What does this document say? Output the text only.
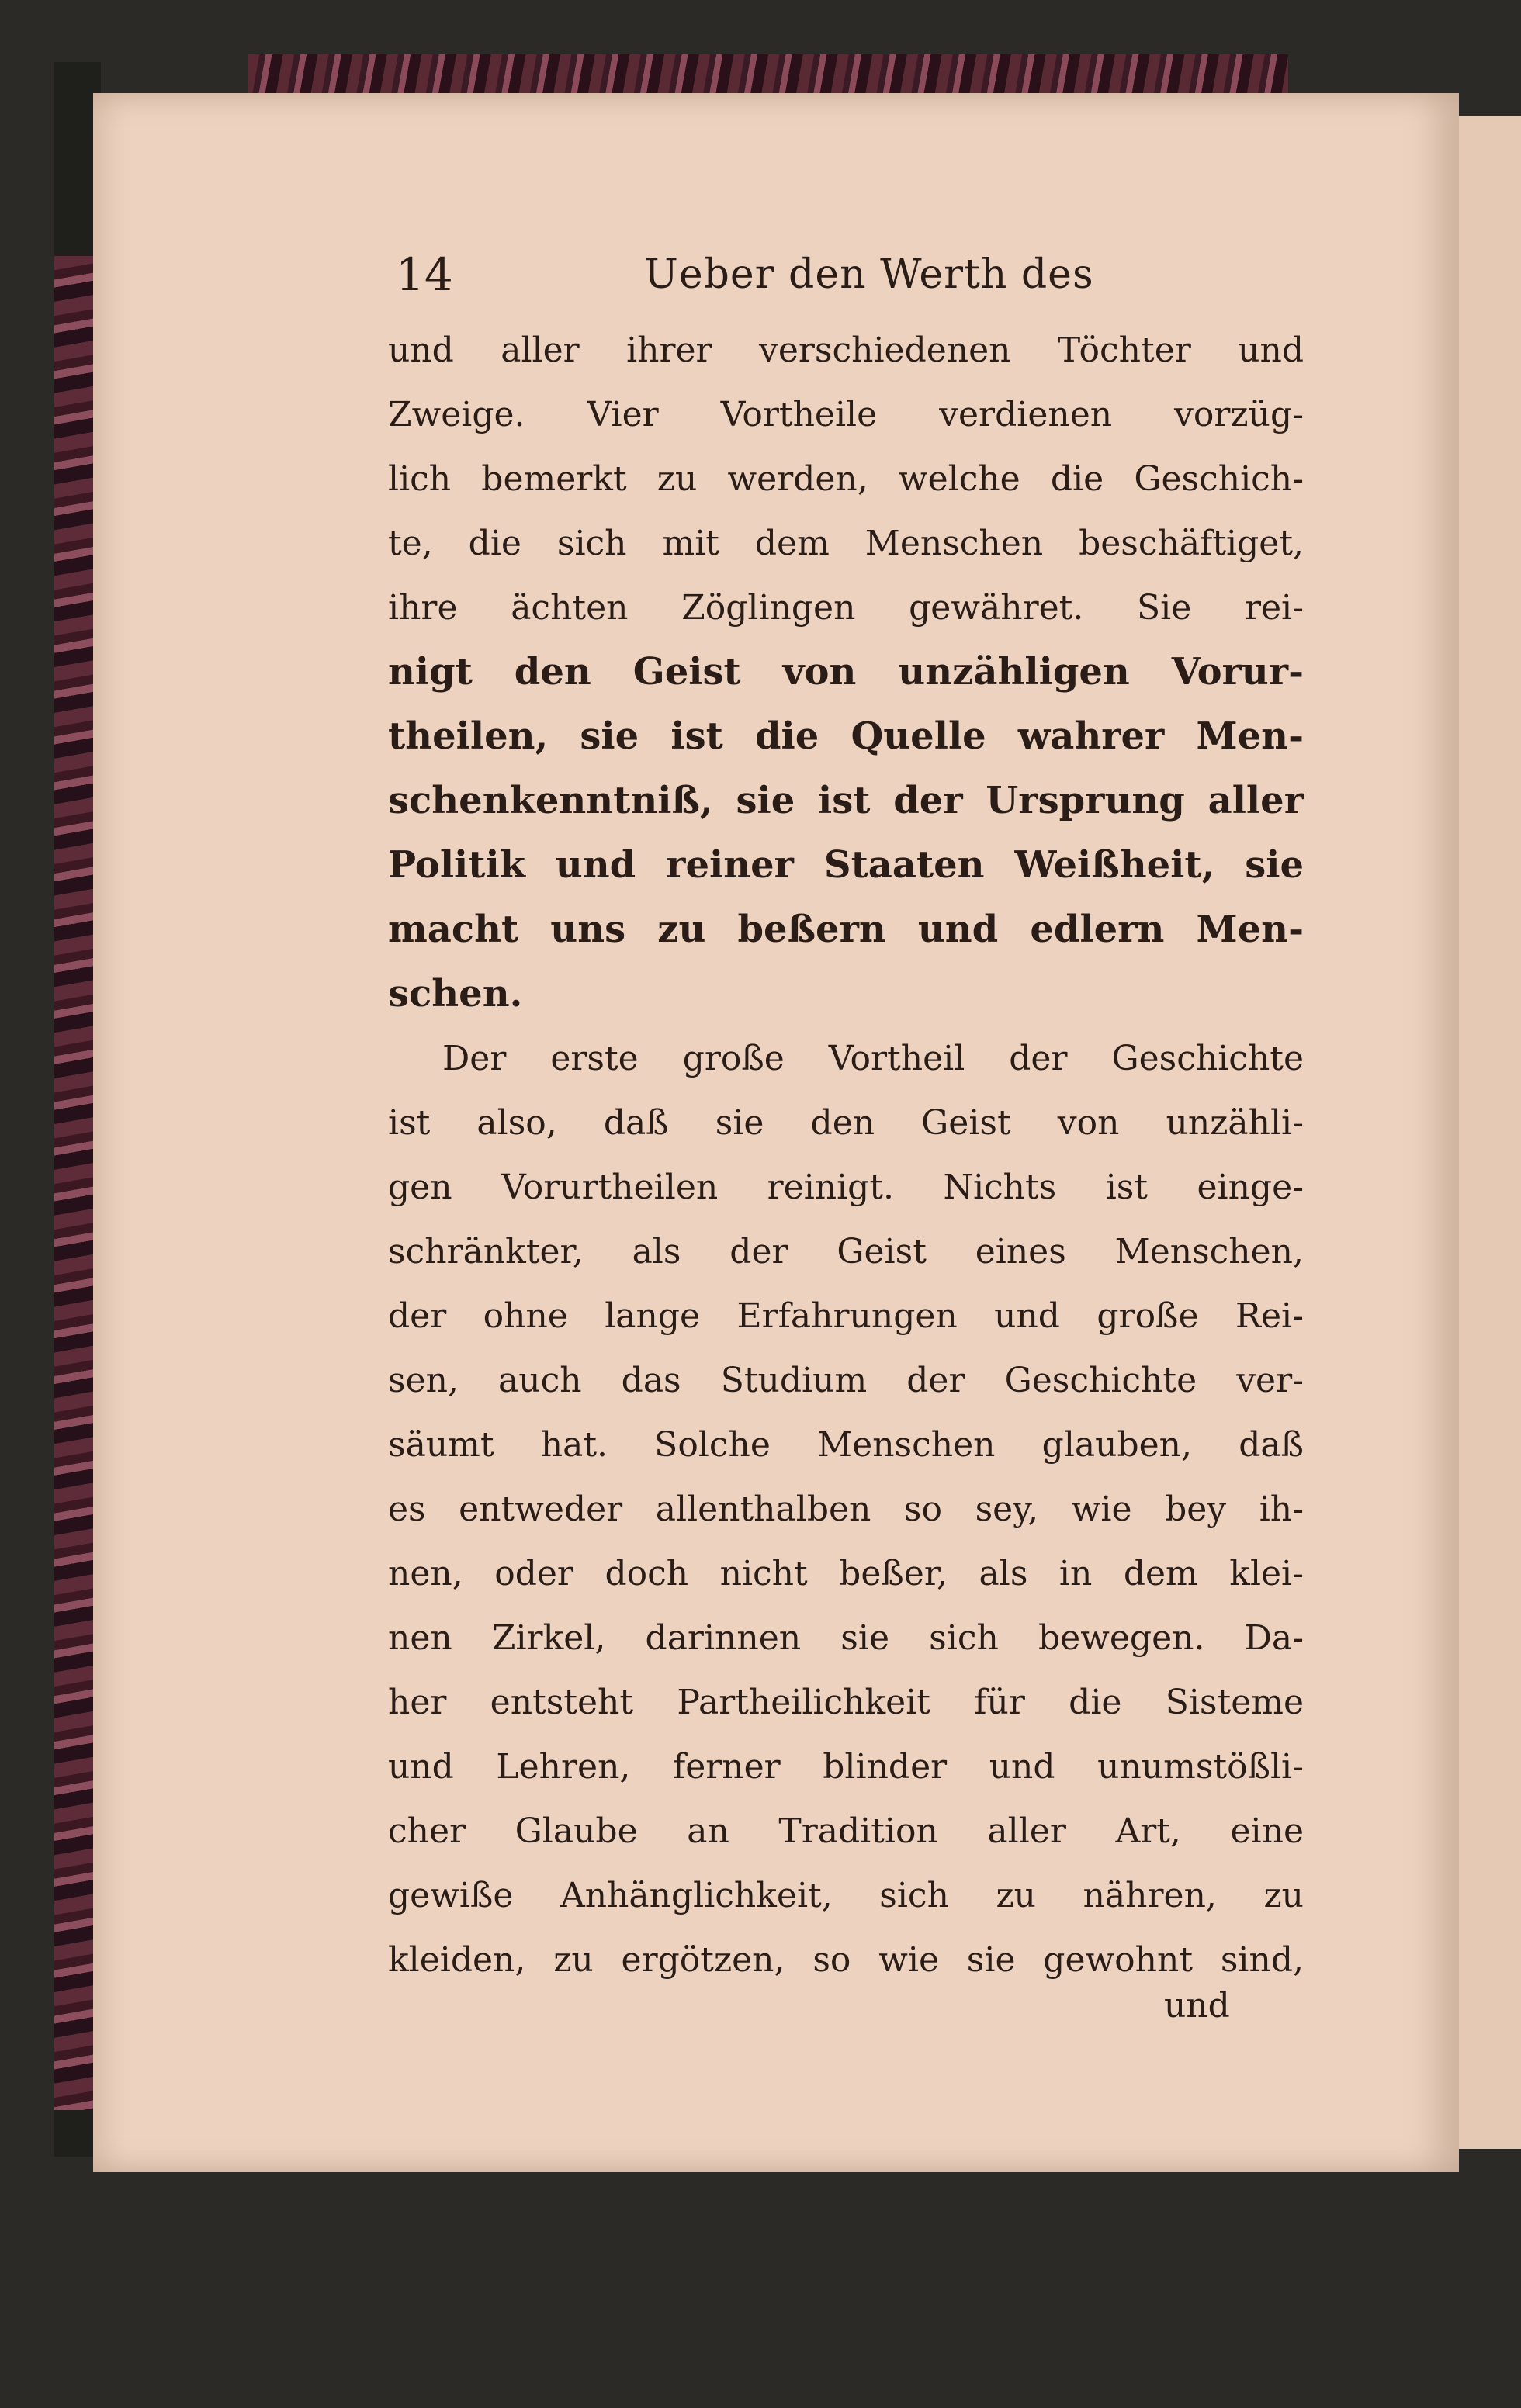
14	Ueber den Werth des
und aller ihrer verschiedenen Töchter und
Zweige. Vier Vortheile verdienen vorzüg-
lich bemerkt zu werden, welche die Geschich-
te, die sich mit dem Menschen beschäftiget,
ihre ächten Zöglingen gewähret. Sie rei-
nigt den Geist von unzähligen Vorur-
theilen, sie ist die Quelle wahrer Men-
schenkenntniß, sie ist der Ursprung aller
Politik und reiner Staaten Weißheit, sie
macht uns zu beßern und edlern Men-
schen.
Der erste große Vortheil der Geschichte
ist also, daß sie den Geist von unzähli-
gen Vorurtheilen reinigt. Nichts ist einge-
schränkter, als der Geist eines Menschen,
der ohne lange Erfahrungen und große Rei-
sen, auch das Studium der Geschichte ver-
säumt hat. Solche Menschen glauben, daß
es entweder allenthalben so sey, wie bey ih-
nen, oder doch nicht beßer, als in dem klei-
nen Zirkel, darinnen sie sich bewegen. Da-
her entsteht Partheilichkeit für die Sisteme
und Lehren, ferner blinder und unumstößli-
cher Glaube an Tradition aller Art, eine
gewiße Anhänglichkeit, sich zu nähren, zu
kleiden, zu ergötzen, so wie sie gewohnt sind,
und
